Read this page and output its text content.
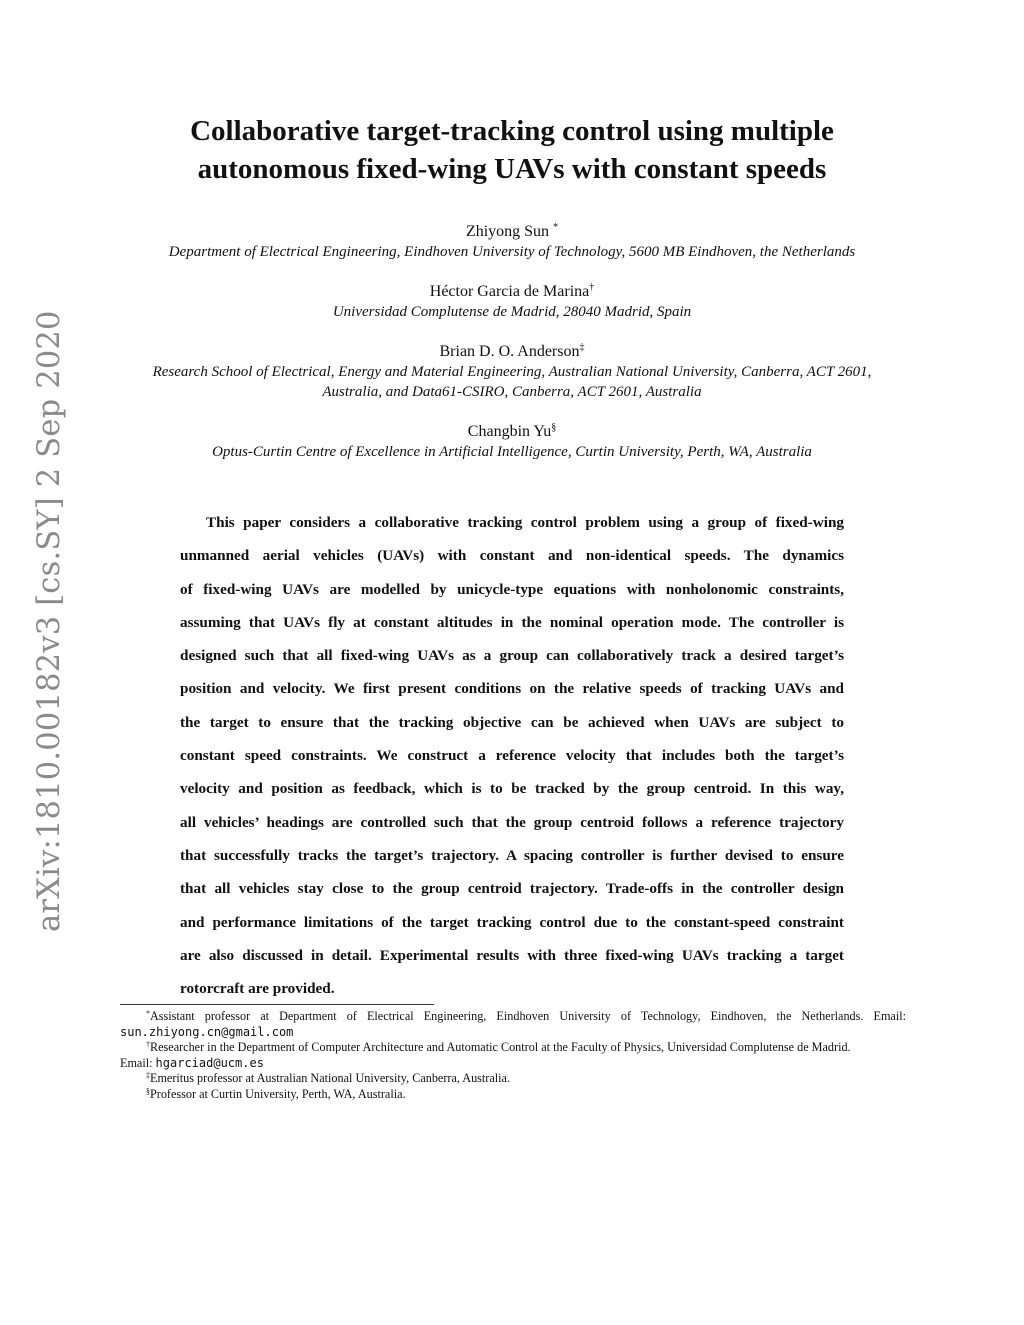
arXiv:1810.00182v3 [cs.SY] 2 Sep 2020
Collaborative target-tracking control using multiple
autonomous fixed-wing UAVs with constant speeds
Zhiyong Sun *
Department of Electrical Engineering, Eindhoven University of Technology, 5600 MB Eindhoven, the Netherlands
Héctor Garcia de Marina†
Universidad Complutense de Madrid, 28040 Madrid, Spain
Brian D. O. Anderson‡
Research School of Electrical, Energy and Material Engineering, Australian National University, Canberra, ACT 2601,
Australia, and Data61-CSIRO, Canberra, ACT 2601, Australia
Changbin Yu§
Optus-Curtin Centre of Excellence in Artificial Intelligence, Curtin University, Perth, WA, Australia
This paper considers a collaborative tracking control problem using a group of fixed-wing
unmanned aerial vehicles (UAVs) with constant and non-identical speeds. The dynamics
of fixed-wing UAVs are modelled by unicycle-type equations with nonholonomic constraints,
assuming that UAVs fly at constant altitudes in the nominal operation mode. The controller is
designed such that all fixed-wing UAVs as a group can collaboratively track a desired target’s
position and velocity. We first present conditions on the relative speeds of tracking UAVs and
the target to ensure that the tracking objective can be achieved when UAVs are subject to
constant speed constraints. We construct a reference velocity that includes both the target’s
velocity and position as feedback, which is to be tracked by the group centroid. In this way,
all vehicles’ headings are controlled such that the group centroid follows a reference trajectory
that successfully tracks the target’s trajectory. A spacing controller is further devised to ensure
that all vehicles stay close to the group centroid trajectory. Trade-offs in the controller design
and performance limitations of the target tracking control due to the constant-speed constraint
are also discussed in detail. Experimental results with three fixed-wing UAVs tracking a target
rotorcraft are provided.
*Assistant professor at Department of Electrical Engineering, Eindhoven University of Technology, Eindhoven, the Netherlands. Email:
sun.zhiyong.cn@gmail.com
†Researcher in the Department of Computer Architecture and Automatic Control at the Faculty of Physics, Universidad Complutense de Madrid.
Email: hgarciad@ucm.es
‡Emeritus professor at Australian National University, Canberra, Australia.
§Professor at Curtin University, Perth, WA, Australia.
